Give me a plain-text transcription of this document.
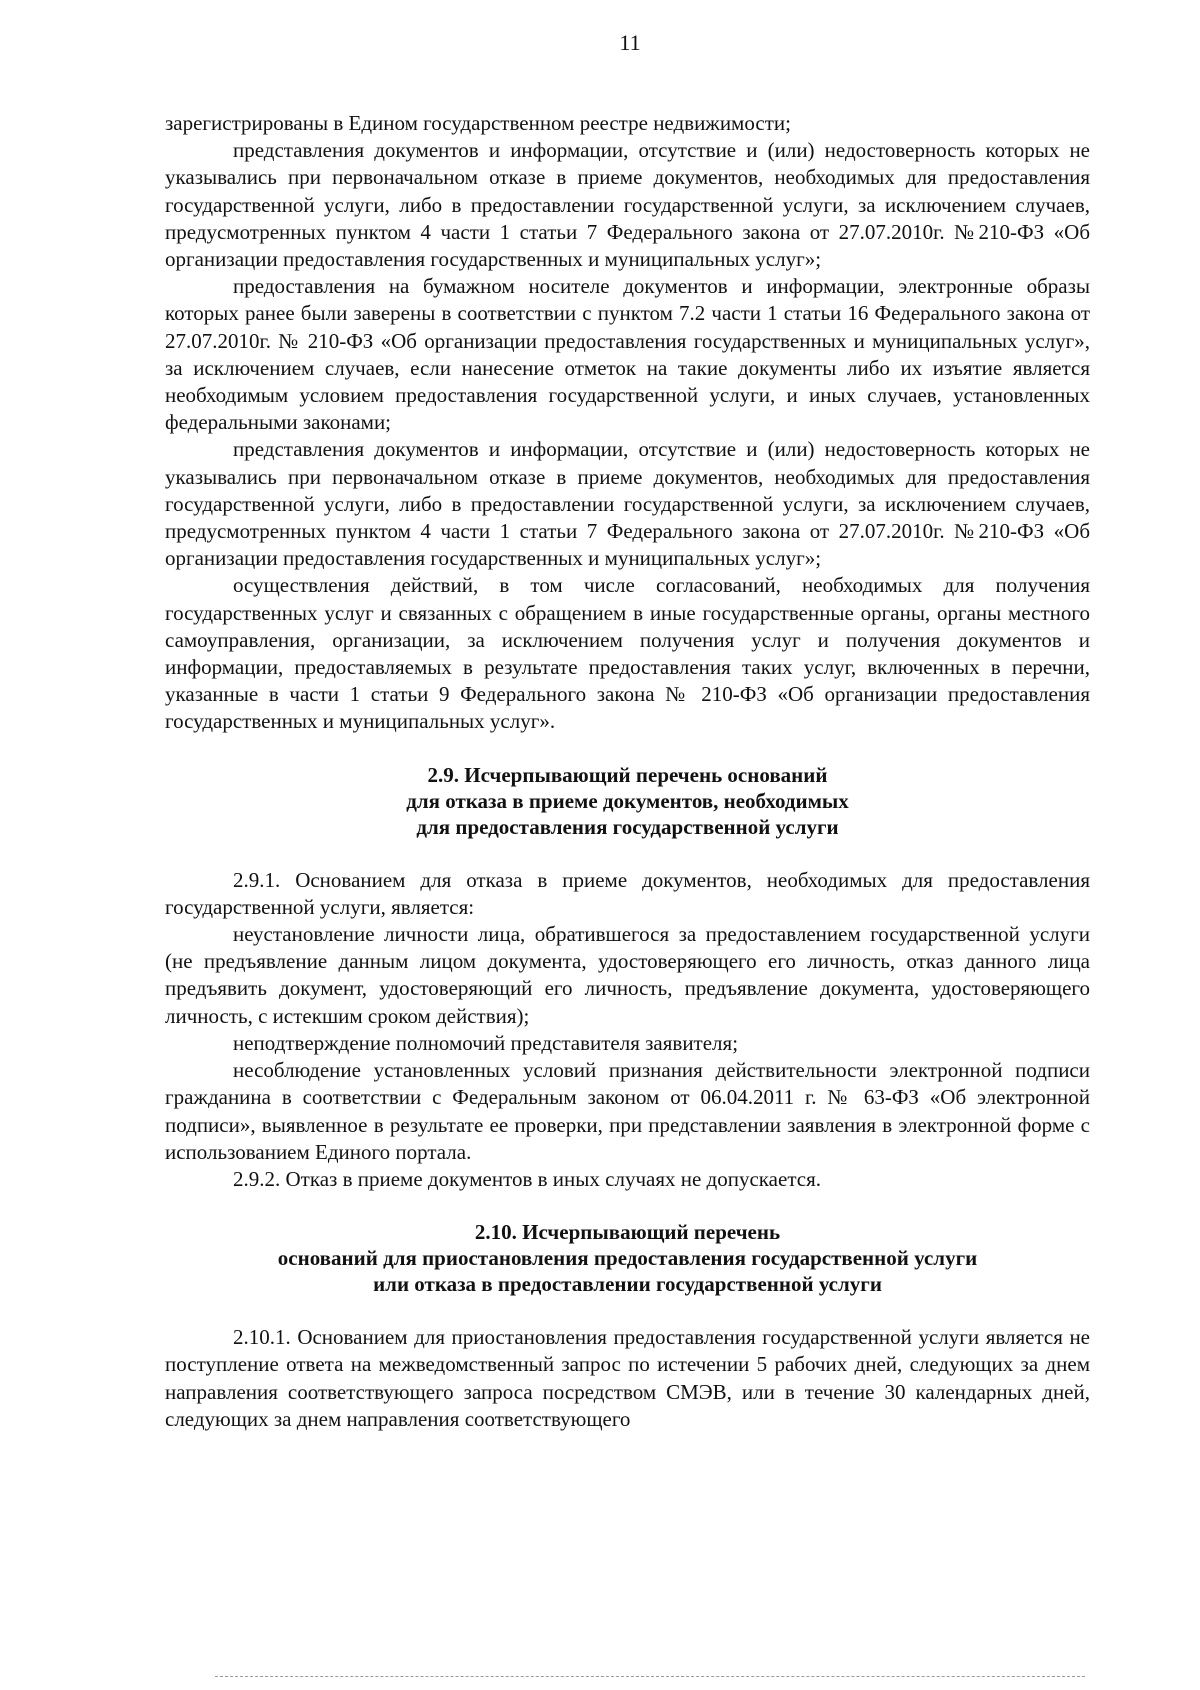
11

зарегистрированы в Едином государственном реестре недвижимости;

представления документов и информации, отсутствие и (или) недостоверность которых не указывались при первоначальном отказе в приеме документов, необходимых для предоставления государственной услуги, либо в предоставлении государственной услуги, за исключением случаев, предусмотренных пунктом 4 части 1 статьи 7 Федерального закона от 27.07.2010г. №210-ФЗ «Об организации предоставления государственных и муниципальных услуг»;

предоставления на бумажном носителе документов и информации, электронные образы которых ранее были заверены в соответствии с пунктом 7.2 части 1 статьи 16 Федерального закона от 27.07.2010г. № 210-ФЗ «Об организации предоставления государственных и муниципальных услуг», за исключением случаев, если нанесение отметок на такие документы либо их изъятие является необходимым условием предоставления государственной услуги, и иных случаев, установленных федеральными законами;

представления документов и информации, отсутствие и (или) недостоверность которых не указывались при первоначальном отказе в приеме документов, необходимых для предоставления государственной услуги, либо в предоставлении государственной услуги, за исключением случаев, предусмотренных пунктом 4 части 1 статьи 7 Федерального закона от 27.07.2010г. №210-ФЗ «Об организации предоставления государственных и муниципальных услуг»;

осуществления действий, в том числе согласований, необходимых для получения государственных услуг и связанных с обращением в иные государственные органы, органы местного самоуправления, организации, за исключением получения услуг и получения документов и информации, предоставляемых в результате предоставления таких услуг, включенных в перечни, указанные в части 1 статьи 9 Федерального закона № 210-ФЗ «Об организации предоставления государственных и муниципальных услуг».

2.9. Исчерпывающий перечень оснований
для отказа в приеме документов, необходимых
для предоставления государственной услуги

2.9.1. Основанием для отказа в приеме документов, необходимых для предоставления государственной услуги, является:

неустановление личности лица, обратившегося за предоставлением государственной услуги (не предъявление данным лицом документа, удостоверяющего его личность, отказ данного лица предъявить документ, удостоверяющий его личность, предъявление документа, удостоверяющего личность, с истекшим сроком действия);

неподтверждение полномочий представителя заявителя;

несоблюдение установленных условий признания действительности электронной подписи гражданина в соответствии с Федеральным законом от 06.04.2011 г. № 63-ФЗ «Об электронной подписи», выявленное в результате ее проверки, при представлении заявления в электронной форме с использованием Единого портала.

2.9.2. Отказ в приеме документов в иных случаях не допускается.

2.10. Исчерпывающий перечень
оснований для приостановления предоставления государственной услуги
или отказа в предоставлении государственной услуги

2.10.1. Основанием для приостановления предоставления государственной услуги является не поступление ответа на межведомственный запрос по истечении 5 рабочих дней, следующих за днем направления соответствующего запроса посредством СМЭВ, или в течение 30 календарных дней, следующих за днем направления соответствующего
